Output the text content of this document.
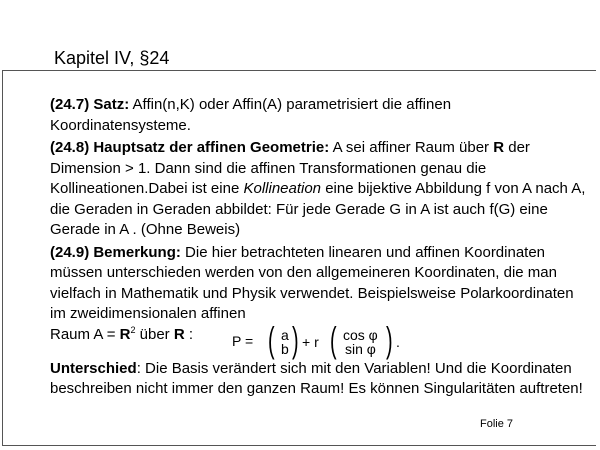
Kapitel IV, §24

(24.7) Satz: Affin(n,K) oder Affin(A) parametrisiert die affinen Koordinatensysteme.

(24.8) Hauptsatz der affinen Geometrie: A sei affiner Raum über R der Dimension > 1. Dann sind die affinen Transformationen genau die Kollineationen.Dabei ist eine Kollineation eine bijektive Abbildung f von A nach A, die Geraden in Geraden abbildet: Für jede Gerade G in A ist auch f(G) eine Gerade in A . (Ohne Beweis)

(24.9) Bemerkung: Die hier betrachteten linearen und affinen Koordinaten müssen unterschieden werden von den allgemeineren Koordinaten, die man vielfach in Mathematik und Physik verwendet. Beispielsweise Polarkoordinaten im zweidimensionalen affinen

Raum $A = R^2$ über R :	P = ( a
b ) + r ( cos φ
sin φ ) .

Unterschied: Die Basis verändert sich mit den Variablen! Und die Koordinaten beschreiben nicht immer den ganzen Raum! Es können Singularitäten auftreten!

Folie 7
